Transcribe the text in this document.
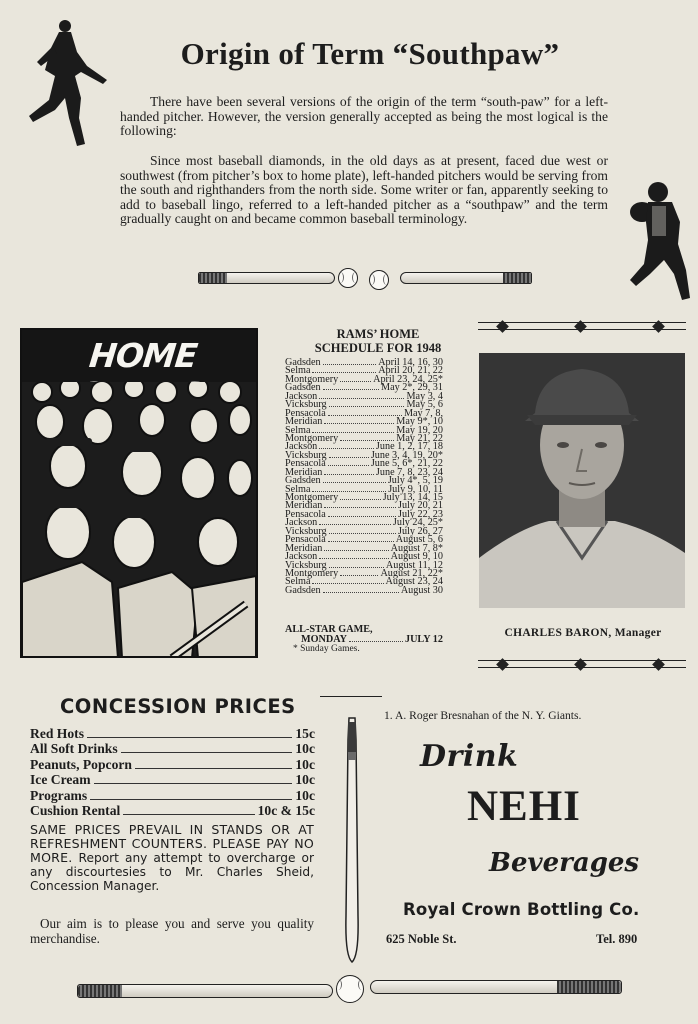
Origin of Term “Southpaw”
There have been several versions of the origin of the term “south-paw” for a left-handed pitcher. However, the version generally accepted as being the most logical is the following:
Since most baseball diamonds, in the old days as at present, faced due west or southwest (from pitcher’s box to home plate), left-handed pitchers would be serving from the south and righthanders from the north side. Some writer or fan, apparently seeking to add to baseball lingo, referred to a left-handed pitcher as a “southpaw” and the term gradually caught on and became common baseball terminology.
HOME
RAMS’ HOME
SCHEDULE FOR 1948
Gadsden	April 14, 16, 30
Selma	April 20, 21, 22
Montgomery	April 23, 24, 25*
Gadsden	May 2*, 29, 31
Jackson	May 3, 4
Vicksburg	May 5, 6
Pensacola	May 7, 8,
Meridian	May 9*, 10
Selma	May 19, 20
Montgomery	May 21, 22
Jackson	June 1, 2, 17, 18
Vicksburg	June 3, 4, 19, 20*
Pensacola	June 5, 6*, 21, 22
Meridian	June 7, 8, 23, 24
Gadsden	July 4*, 5, 19
Selma	July 9, 10, 11
Montgomery	July 13, 14, 15
Meridian	July 20, 21
Pensacola	July 22, 23
Jackson	July 24, 25*
Vicksburg	July 26, 27
Pensacola	August 5, 6
Meridian	August 7, 8*
Jackson	August 9, 10
Vicksburg	August 11, 12
Montgomery	August 21, 22*
Selma	August 23, 24
Gadsden	August 30
ALL-STAR GAME,
MONDAY	JULY 12
* Sunday Games.
CHARLES BARON, Manager
CONCESSION PRICES
Red Hots	15c
All Soft Drinks	10c
Peanuts, Popcorn	10c
Ice Cream	10c
Programs	10c
Cushion Rental	10c & 15c
SAME PRICES PREVAIL IN STANDS OR AT REFRESHMENT COUNTERS. PLEASE PAY NO MORE. Report any attempt to overcharge or any discourtesies to Mr. Charles Sheid, Concession Manager.
Our aim is to please you and serve you quality merchandise.
1. A. Roger Bresnahan of the N. Y. Giants.
Drink
NEHI
Beverages
Royal Crown Bottling Co.
625 Noble St.	Tel. 890
